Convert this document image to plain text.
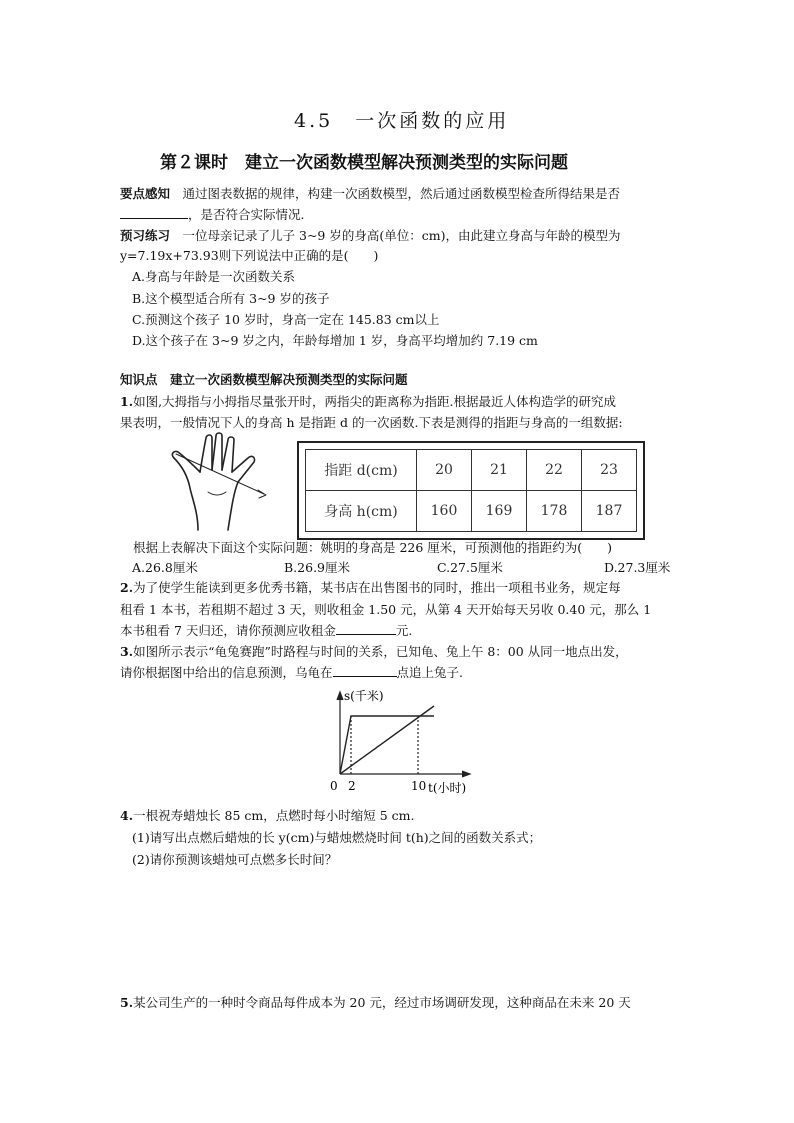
4.5　一次函数的应用
第２课时　建立一次函数模型解决预测类型的实际问题
要点感知　 通过图表数据的规律，构建一次函数模型，然后通过函数模型检查所得结果是否
，是否符合实际情况.
预习练习　 一位母亲记录了儿子 3~9 岁的身高(单位：cm)，由此建立身高与年龄的模型为
y=7.19x+73.93则下列说法中正确的是(　　)
A.身高与年龄是一次函数关系
B.这个模型适合所有 3~9 岁的孩子
C.预测这个孩子 10 岁时，身高一定在 145.83 cm以上
D.这个孩子在 3~9 岁之内，年龄每增加 1 岁，身高平均增加约 7.19 cm
知识点　 建立一次函数模型解决预测类型的实际问题
1.如图,大拇指与小拇指尽量张开时，两指尖的距离称为指距.根据最近人体构造学的研究成
果表明，一般情况下人的身高 h 是指距 d 的一次函数.下表是测得的指距与身高的一组数据:
指距 d(cm)	20	21	22	23
身高 h(cm)	160	169	178	187
根据上表解决下面这个实际问题：姚明的身高是 226 厘米，可预测他的指距约为(　　)
A.26.8厘米	B.26.9厘米	C.27.5厘米	D.27.3厘米
2.为了使学生能读到更多优秀书籍，某书店在出售图书的同时，推出一项租书业务，规定每
租看 1 本书，若租期不超过 3 天，则收租金 1.50 元，从第 4 天开始每天另收 0.40 元，那么 1
本书租看 7 天归还，请你预测应收租金	元.
3.如图所示表示“龟兔赛跑”时路程与时间的关系，已知龟、兔上午 8：00 从同一地点出发，
请你根据图中给出的信息预测，乌龟在	点追上兔子.
s(千米)
0 2	10 t(小时)
4.一根祝寿蜡烛长 85 cm，点燃时每小时缩短 5 cm.
(1)请写出点燃后蜡烛的长 y(cm)与蜡烛燃烧时间 t(h)之间的函数关系式；
(2)请你预测该蜡烛可点燃多长时间？
5.某公司生产的一种时令商品每件成本为 20 元，经过市场调研发现，这种商品在未来 20 天
